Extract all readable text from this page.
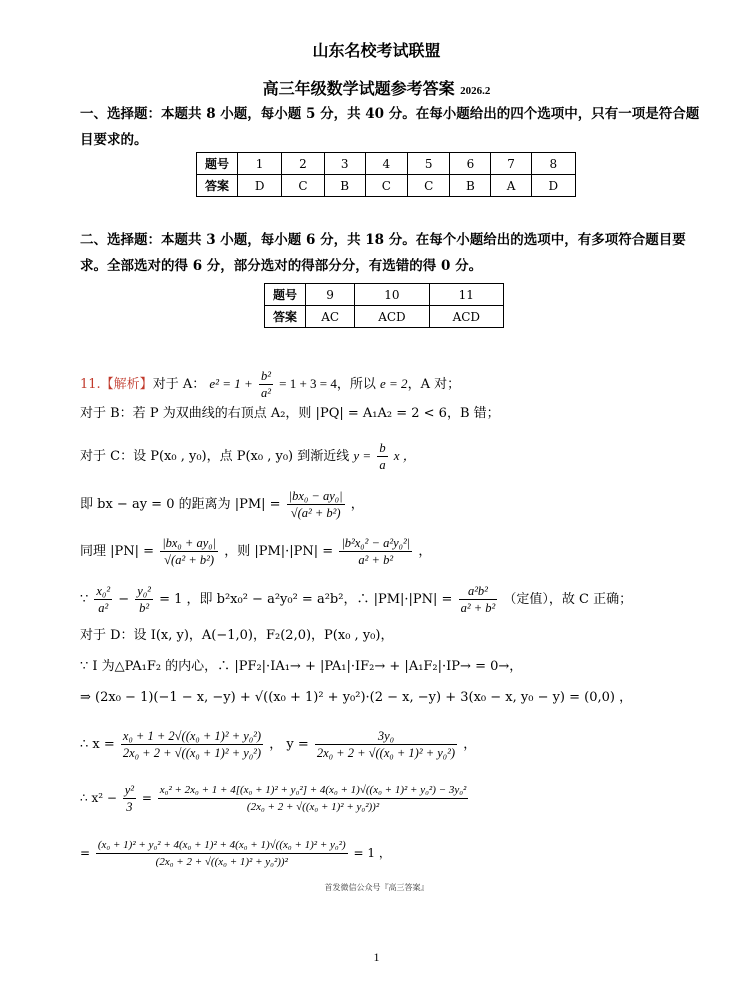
山东名校考试联盟
高三年级数学试题参考答案 2026.2
一、选择题：本题共 8 小题，每小题 5 分，共 40 分。在每小题给出的四个选项中，只有一项是符合题目要求的。
题号	1	2	3	4	5	6	7	8
答案	D	C	B	C	C	B	A	D
二、选择题：本题共 3 小题，每小题 6 分，共 18 分。在每个小题给出的选项中，有多项符合题目要求。全部选对的得 6 分，部分选对的得部分分，有选错的得 0 分。
题号	9	10	11
答案	AC	ACD	ACD
11.【解析】对于 A： $e^2 = 1 + \frac{\text{b²}}{\text{a²}} = 1 + 3 = 4$，所以 e = 2，A 对；
对于 B：若 P 为双曲线的右顶点 A₂，则 |PQ| = A₁A₂ = 2 < 6，B 错；
对于 C：设 P(x₀ , y₀)，点 P(x₀ , y₀) 到渐近线 $y = \frac{b}{a}$ x ，
即 bx − ay = 0 的距离为 $|PM| = \frac{\text{|bx₀ − ay₀|}}{\text{√(a² + b²)}}$ ，
同理 $|PN| = \frac{\text{|bx₀ + ay₀|}}{\text{√(a² + b²)}}$ ，则 $|PM|\cdot|PN| = \frac{\text{|b²x₀² − a²y₀²|}}{\text{a² + b²}}$ ，
∵ $\frac{\text{x₀²}}{\text{a²}} - \frac{\text{y₀²}}{\text{b²}} = 1$ ，即 b²x₀² − a²y₀² = a²b²，∴ $|PM|\cdot|PN| = \frac{\text{a²b²}}{\text{a² + b²}}$ （定值），故 C 正确；
对于 D：设 I(x, y)，A(−1,0)，F₂(2,0)，P(x₀ , y₀)，
∵ I 为△PA₁F₂ 的内心，∴ |PF₂|·IA₁→ + |PA₁|·IF₂→ + |A₁F₂|·IP→ = 0→，
⇒ (2x₀ − 1)(−1 − x, −y) + √((x₀ + 1)² + y₀²)·(2 − x, −y) + 3(x₀ − x, y₀ − y) = (0,0) ，
∴ $x = \frac{\text{x₀ + 1 + 2√((x₀ + 1)² + y₀²)}}{\text{2x₀ + 2 + √((x₀ + 1)² + y₀²)}}$ ， $y = \frac{\text{3y₀}}{\text{2x₀ + 2 + √((x₀ + 1)² + y₀²)}}$ ，
∴ $x^2 - \frac{\text{y²}}{3}$ =
x₀² + 2x₀ + 1 + 4[(x₀ + 1)² + y₀²] + 4(x₀ + 1)√((x₀ + 1)² + y₀²) − 3y₀²
(2x₀ + 2 + √((x₀ + 1)² + y₀²))²
= $\frac{\text{(x₀ + 1)² + y₀² + 4(x₀ + 1)² + 4(x₀ + 1)√((x₀ + 1)² + y₀²)}}{\text{(2x₀ + 2 + √((x₀ + 1)² + y₀²))²}} = 1$ ，
首发微信公众号『高三答案』
1
